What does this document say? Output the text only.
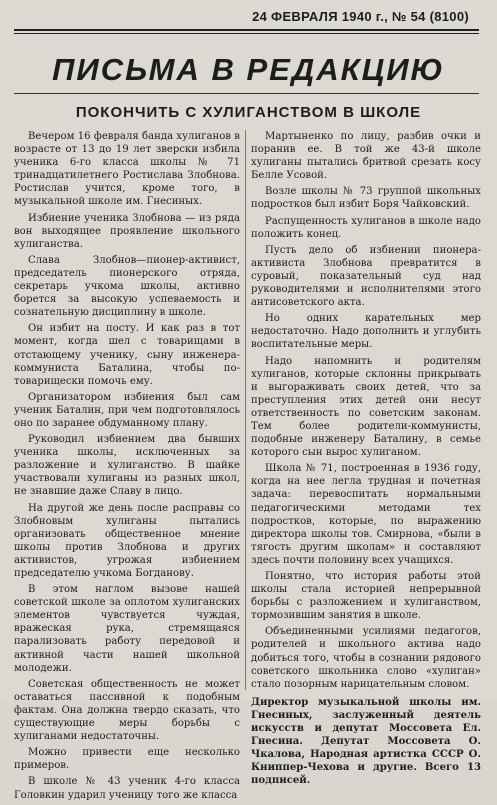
24 ФЕВРАЛЯ 1940 г., № 54 (8100)
ПИСЬМА В РЕДАКЦИЮ
ПОКОНЧИТЬ С ХУЛИГАНСТВОМ В ШКОЛЕ

Вечером 16 февраля банда хулиганов в возрасте от 13 до 19 лет зверски избила ученика 6-го класса школы № 71 тринадцатилетнего Ростислава Злобнова. Ростислав учится, кроме того, в музыкальной школе им. Гнесиных.

Избиение ученика Злобнова — из ряда вон выходящее проявление школьного хулиганства.

Слава Злобнов—пионер-активист, председатель пионерского отряда, секретарь учкома школы, активно борется за высокую успеваемость и сознательную дисциплину в школе.

Он избит на посту. И как раз в тот момент, когда шел с товарищами в отстающему ученику, сыну инженера-коммуниста Баталина, чтобы по-товарищески помочь ему.

Организатором избиения был сам ученик Баталин, при чем подготовлялось оно по заранее обдуманному плану.

Руководил избиением два бывших ученика школы, исключенных за разложение и хулиганство. В шайке участвовали хулиганы из разных школ, не знавшие даже Славу в лицо.

На другой же день после расправы со Злобновым хулиганы пытались организовать общественное мнение школы против Злобнова и других активистов, угрожая избиением председателю учкома Богданову.

В этом наглом вызове нашей советской школе за оплотом хулиганских элементов чувствуется чуждая, вражеская рука, стремящаяся парализовать работу передовой и активной части нашей школьной молодежи.

Советская общественность не может оставаться пассивной к подобным фактам. Она должна твердо сказать, что существующие меры борьбы с хулиганами недостаточны.

Можно привести еще несколько примеров.

В школе № 43 ученик 4-го класса Головкин ударил ученицу того же класса

Мартыненко по лицу, разбив очки и поранив ее. В той же 43-й школе хулиганы пытались бритвой срезать косу Белле Усовой.

Возле школы № 73 группой школьных подростков был избит Боря Чайковский.

Распущенность хулиганов в школе надо положить конец.

Пусть дело об избиении пионера-активиста Злобнова превратится в суровый, показательный суд над руководителями и исполнителями этого антисоветского акта.

Но одних карательных мер недостаточно. Надо дополнить и углубить воспитательные меры.

Надо напомнить и родителям хулиганов, которые склонны прикрывать и выгораживать своих детей, что за преступления этих детей они несут ответственность по советским законам. Тем более родители-коммунисты, подобные инженеру Баталину, в семье которого сын вырос хулиганом.

Школа № 71, построенная в 1936 году, когда на нее легла трудная и почетная задача: перевоспитать нормальными педагогическими методами тех подростков, которые, по выражению директора школы тов. Смирнова, «были в тягость другим школам» и составляют здесь почти половину всех учащихся.

Понятно, что история работы этой школы стала историей непрерывной борьбы с разложением и хулиганством, тормозившим занятия в школе.

Объединенными усилиями педагогов, родителей и школьного актива надо добиться того, чтобы в сознании рядового советского школьника слово «хулиган» стало позорным нарицательным словом.

Директор музыкальной школы им. Гнесиных, заслуженный деятель искусств и депутат Моссовета Ел. Гнесина. Депутат Моссовета О. Чкалова, Народная артистка СССР О. Книппер-Чехова и другие. Всего 13 подписей.
